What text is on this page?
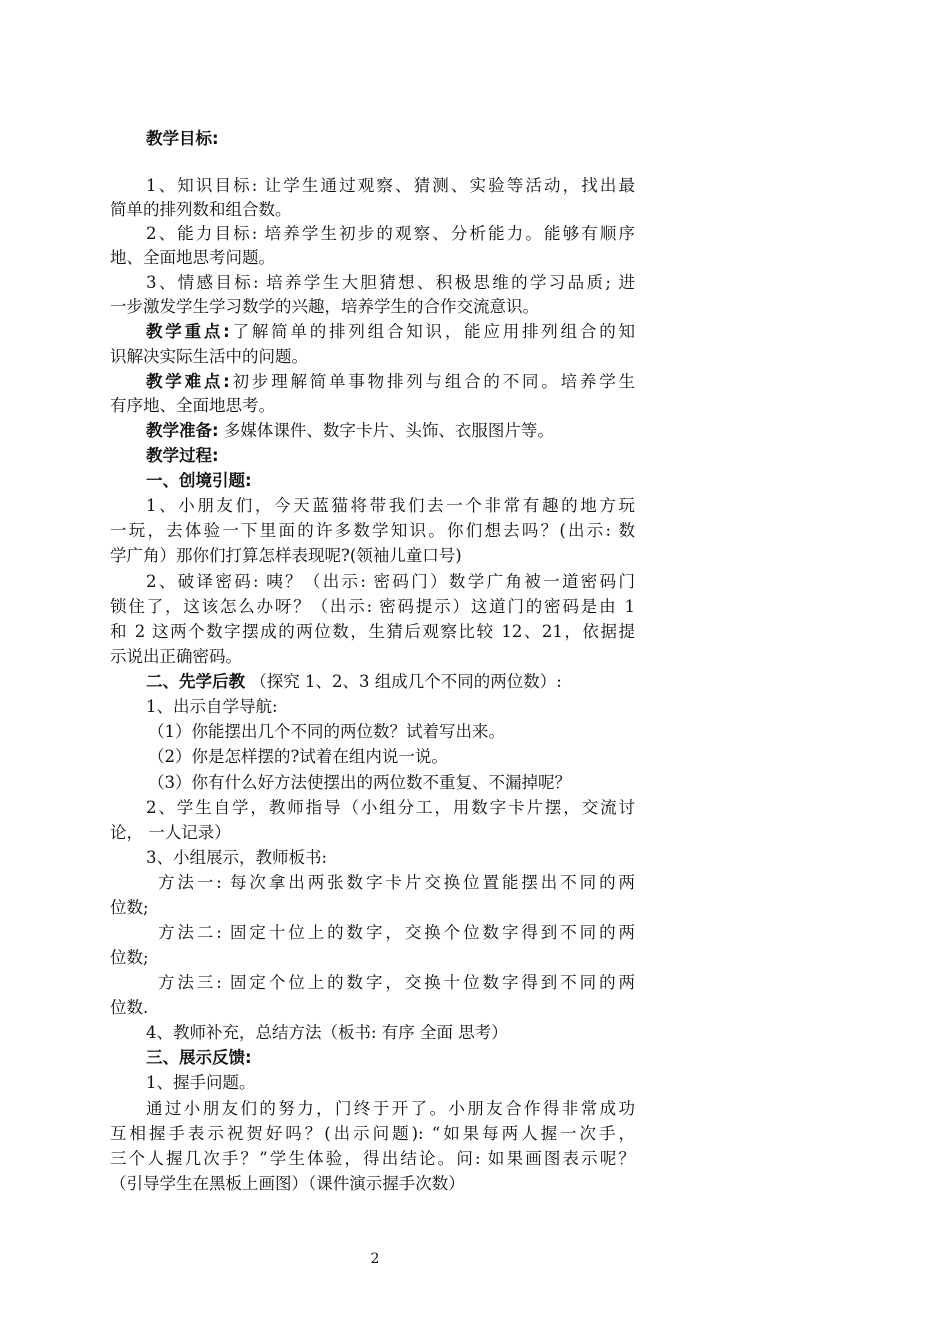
教学目标:

1、知识目标: 让学生通过观察、猜测、实验等活动，找出最

简单的排列数和组合数。

2、能力目标: 培养学生初步的观察、分析能力。能够有顺序

地、全面地思考问题。

3、情感目标: 培养学生大胆猜想、积极思维的学习品质; 进

一步激发学生学习数学的兴趣，培养学生的合作交流意识。

教学重点:了解简单的排列组合知识，能应用排列组合的知

识解决实际生活中的问题。

教学难点:初步理解简单事物排列与组合的不同。培养学生

有序地、全面地思考。

教学准备: 多媒体课件、数字卡片、头饰、衣服图片等。

教学过程:

一、创境引题:

1、小朋友们，今天蓝猫将带我们去一个非常有趣的地方玩

一玩，去体验一下里面的许多数学知识。你们想去吗？(出示: 数

学广角）那你们打算怎样表现呢?(领袖儿童口号)

2、破译密码: 咦？（出示: 密码门）数学广角被一道密码门

锁住了，这该怎么办呀？（出示: 密码提示）这道门的密码是由 1

和 2 这两个数字摆成的两位数，生猜后观察比较 12、21，依据提

示说出正确密码。

二、先学后教 （探究 1、2、3 组成几个不同的两位数）:

1、出示自学导航:

（1）你能摆出几个不同的两位数？试着写出来。

（2）你是怎样摆的?试着在组内说一说。

（3）你有什么好方法使摆出的两位数不重复、不漏掉呢？

2、学生自学，教师指导（小组分工，用数字卡片摆，交流讨

论， 一人记录）

3、小组展示，教师板书:

方法一: 每次拿出两张数字卡片交换位置能摆出不同的两

位数;

方法二: 固定十位上的数字，交换个位数字得到不同的两

位数;

方法三: 固定个位上的数字，交换十位数字得到不同的两

位数.

4、教师补充，总结方法（板书: 有序 全面 思考）

三、展示反馈:

1、握手问题。

通过小朋友们的努力，门终于开了。小朋友合作得非常成功

互相握手表示祝贺好吗？(出示问题): “如果每两人握一次手，

三个人握几次手？”学生体验，得出结论。问: 如果画图表示呢？

（引导学生在黑板上画图）（课件演示握手次数）

2
